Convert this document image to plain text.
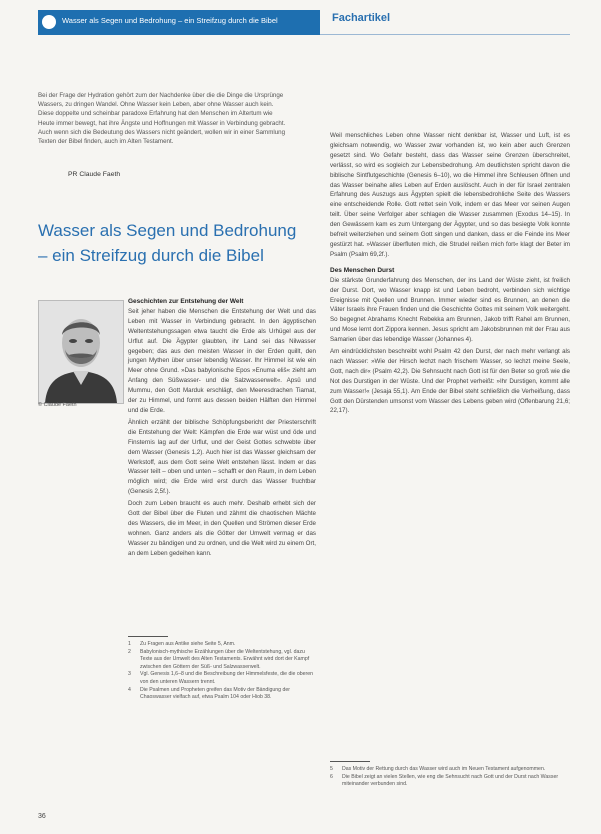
Wasser als Segen und Bedrohung – ein Streifzug durch die Bibel	Fachartikel
Bei der Frage der Hydration gehört zum der Nachdenke über die die Dinge die Ursprünge Wassers, zu dringen Wandel. Ohne Wasser kein Leben, aber ohne Wasser auch kein. Diese doppelte und scheinbar paradoxe Erfahrung hat den Menschen im Altertum wie Heute immer bewegt, hat ihre Ängste und Hoffnungen mit Wasser in Verbindung gebracht. Auch wenn sich die Bedeutung des Wassers nicht geändert, wollen wir in einer Sammlung Texten der Bibel finden, auch im Alten Testament.
PR Claude Faeth
Wasser als Segen und Bedrohung – ein Streifzug durch die Bibel
© Claude Faeth

Geschichten zur Entstehung der Welt

Seit jeher haben die Menschen die Entstehung der Welt und das Leben mit Wasser in Verbindung gebracht. In den ägyptischen Weltentstehungssagen etwa taucht die Erde als Urhügel aus der Urflut auf. Die Ägypter glaubten, ihr Land sei das Nilwasser gegeben; das aus den meisten Wasser in der Erden quillt, den jungen Mythen über unser lebendig Wasser. Ihr Himmel ist wie ein Meer ohne Grund. »Das babylonische Epos »Enuma eliš« zieht am Anfang den Süßwasser- und die Salzwasserwelt«. Apsû und Mummu, den Gott Marduk erschlägt, den Meeresdrachen Tiamat, der zu Himmel, und formt aus dessen beiden Hälften den Himmel und die Erde.

Ähnlich erzählt der biblische Schöpfungsbericht der Priesterschrift die Entstehung der Welt: Kämpfen die Erde war wüst und öde und Finsternis lag auf der Urflut, und der Geist Gottes schwebte über dem Wasser (Genesis 1,2). Auch hier ist das Wasser gleichsam der Werkstoff, aus dem Gott seine Welt entstehen lässt. Indem er das Wasser teilt – oben und unten – schafft er den Raum, in dem Leben möglich wird; die Erde wird erst durch das Wasser fruchtbar (Genesis 2,5f.).

Doch zum Leben braucht es auch mehr. Deshalb erhebt sich der Gott der Bibel über die Fluten und zähmt die chaotischen Mächte des Wassers, die im Meer, in den Quellen und Strömen dieser Erde wohnen. Ganz anders als die Götter der Umwelt vermag er das Wasser zu bändigen und zu ordnen, und die Welt wird zu einem Ort, an dem Leben gedeihen kann.

Weil menschliches Leben ohne Wasser nicht denkbar ist, Wasser und Luft, ist es gleichsam notwendig, wo Wasser zwar vorhanden ist, wo kein aber auch Grenzen gesetzt sind. Wo Gefahr besteht, dass das Wasser seine Grenzen überschreitet, verlässt, so wird es sogleich zur Lebensbedrohung. Am deutlichsten spricht davon die biblische Sintflutgeschichte (Genesis 6–10), wo die Himmel ihre Schleusen öffnen und das Wasser beinahe alles Leben auf Erden auslöscht. Auch in der für Israel zentralen Erfahrung des Auszugs aus Ägypten spielt die lebensbedrohliche Seite des Wassers eine entscheidende Rolle. Gott rettet sein Volk, indem er das Meer vor seinen Augen teilt. Über seine Verfolger aber schlagen die Wasser zusammen (Exodus 14–15). In den Gewässern kam es zum Untergang der Ägypter, und so das besiegte Volk konnte befreit weiterziehen und seinem Gott singen und danken, dass er die Feinde ins Meer gestürzt hat. »Wasser überfluten mich, die Strudel reißen mich fort« klagt der Beter im Psalm (Psalm 69,2f.).

Des Menschen Durst

Die stärkste Grunderfahrung des Menschen, der ins Land der Wüste zieht, ist freilich der Durst. Dort, wo Wasser knapp ist und Leben bedroht, verbinden sich wichtige Ereignisse mit Quellen und Brunnen. Immer wieder sind es Brunnen, an denen die Väter Israels ihre Frauen finden und die Geschichte Gottes mit seinem Volk weitergeht. So begegnet Abrahams Knecht Rebekka am Brunnen, Jakob trifft Rahel am Brunnen, und Mose lernt dort Zippora kennen. Jesus spricht am Jakobsbrunnen mit der Frau aus Samarien über das lebendige Wasser (Johannes 4).

Am eindrücklichsten beschreibt wohl Psalm 42 den Durst, der nach mehr verlangt als nach Wasser: »Wie der Hirsch lechzt nach frischem Wasser, so lechzt meine Seele, Gott, nach dir« (Psalm 42,2). Die Sehnsucht nach Gott ist für den Beter so groß wie die Not des Durstigen in der Wüste. Und der Prophet verheißt: »Ihr Durstigen, kommt alle zum Wasser!« (Jesaja 55,1). Am Ende der Bibel steht schließlich die Verheißung, dass Gott den Dürstenden umsonst vom Wasser des Lebens geben wird (Offenbarung 21,6; 22,17).

1	Zu Fragen aus Antike siehe Seite 5, Anm.
2	Babylonisch-mythische Erzählungen über die Weltentstehung, vgl. dazu Texte aus der Umwelt des Alten Testaments. Erwähnt wird dort der Kampf zwischen den Göttern der Süß- und Salzwasserwelt.
3	Vgl. Genesis 1,6–8 und die Beschreibung der Himmelsfeste, die die oberen von den unteren Wassern trennt.
4	Die Psalmen und Propheten greifen das Motiv der Bändigung der Chaoswasser vielfach auf, etwa Psalm 104 oder Hiob 38.
5	Das Motiv der Rettung durch das Wasser wird auch im Neuen Testament aufgenommen.
6	Die Bibel zeigt an vielen Stellen, wie eng die Sehnsucht nach Gott und der Durst nach Wasser miteinander verbunden sind.
36
